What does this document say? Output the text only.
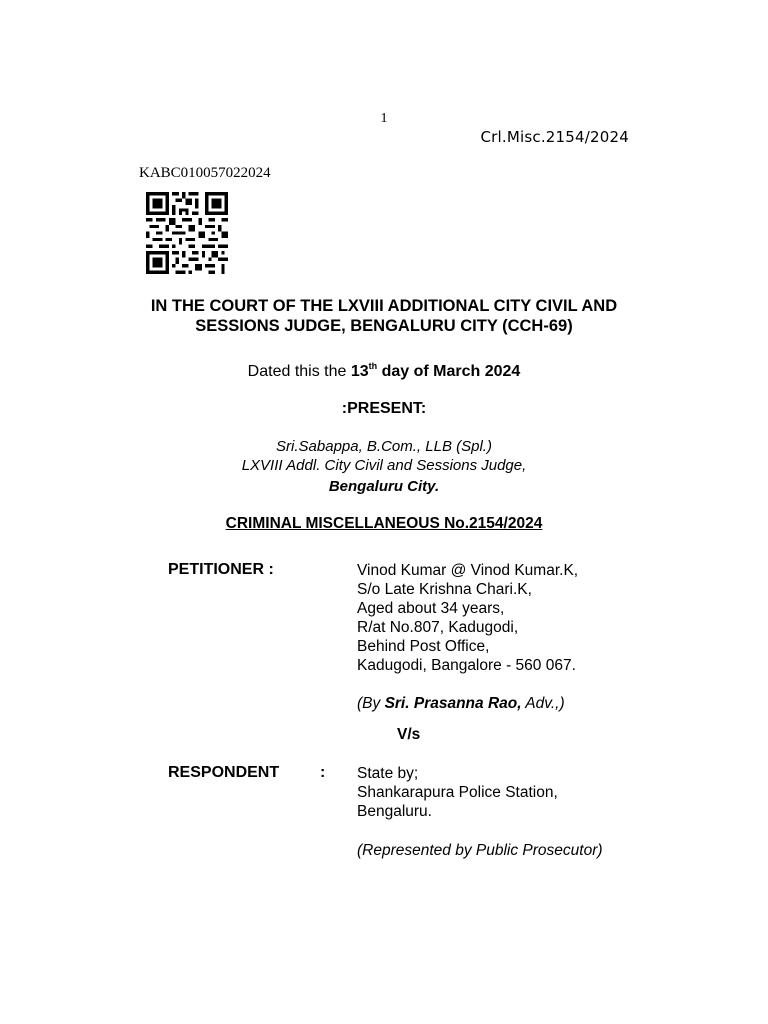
1
Crl.Misc.2154/2024
KABC010057022024
IN THE COURT OF THE LXVIII ADDITIONAL CITY CIVIL AND
SESSIONS JUDGE, BENGALURU CITY (CCH-69)
Dated this the 13th day of March 2024
:PRESENT:
Sri.Sabappa, B.Com., LLB (Spl.)
LXVIII Addl. City Civil and Sessions Judge,
Bengaluru City.
CRIMINAL MISCELLANEOUS No.2154/2024
PETITIONER :	Vinod Kumar @ Vinod Kumar.K,
S/o Late Krishna Chari.K,
Aged about 34 years,
R/at No.807, Kadugodi,
Behind Post Office,
Kadugodi, Bangalore - 560 067.
(By Sri. Prasanna Rao, Adv.,)
V/s
RESPONDENT	: State by;
Shankarapura Police Station,
Bengaluru.
(Represented by Public Prosecutor)
